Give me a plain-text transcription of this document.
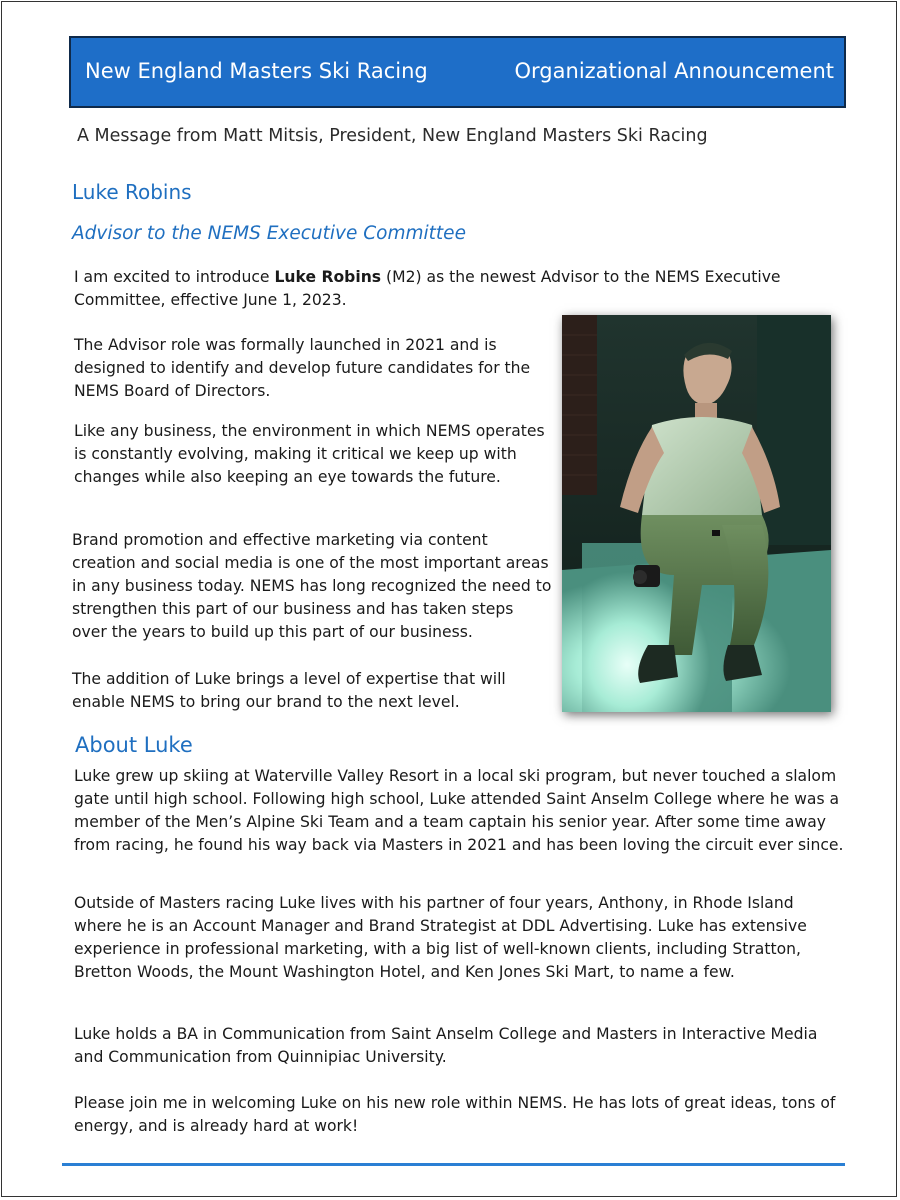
New England Masters Ski Racing	Organizational Announcement
A Message from Matt Mitsis, President, New England Masters Ski Racing
Luke Robins
Advisor to the NEMS Executive Committee

I am excited to introduce Luke Robins (M2) as the newest Advisor to the NEMS Executive Committee, effective June 1, 2023.

The Advisor role was formally launched in 2021 and is designed to identify and develop future candidates for the NEMS Board of Directors.

Like any business, the environment in which NEMS operates is constantly evolving, making it critical we keep up with changes while also keeping an eye towards the future.

Brand promotion and effective marketing via content creation and social media is one of the most important areas in any business today. NEMS has long recognized the need to strengthen this part of our business and has taken steps over the years to build up this part of our business.

The addition of Luke brings a level of expertise that will enable NEMS to bring our brand to the next level.

About Luke

Luke grew up skiing at Waterville Valley Resort in a local ski program, but never touched a slalom gate until high school. Following high school, Luke attended Saint Anselm College where he was a member of the Men’s Alpine Ski Team and a team captain his senior year. After some time away from racing, he found his way back via Masters in 2021 and has been loving the circuit ever since.

Outside of Masters racing Luke lives with his partner of four years, Anthony, in Rhode Island where he is an Account Manager and Brand Strategist at DDL Advertising. Luke has extensive experience in professional marketing, with a big list of well-known clients, including Stratton, Bretton Woods, the Mount Washington Hotel, and Ken Jones Ski Mart, to name a few.

Luke holds a BA in Communication from Saint Anselm College and Masters in Interactive Media and Communication from Quinnipiac University.

Please join me in welcoming Luke on his new role within NEMS. He has lots of great ideas, tons of energy, and is already hard at work!
